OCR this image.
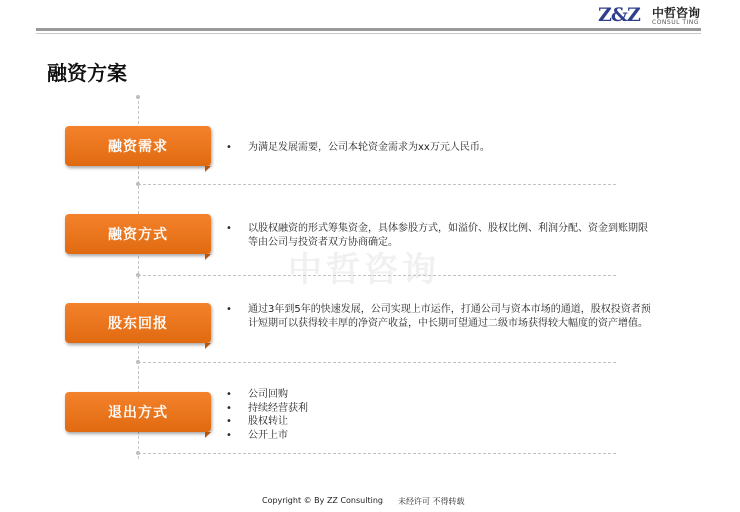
Z&Z 中哲咨询
CONSUL TING
融资方案
融资需求	• 为满足发展需要，公司本轮资金需求为xx万元人民币。
融资方式	• 以股权融资的形式筹集资金，具体参股方式，如溢价、股权比例、利润分配、资金到账期限等由公司与投资者双方协商确定。
股东回报
• 通过3年到5年的快速发展，公司实现上市运作，打通公司与资本市场的通道，股权投资者预计短期可以获得较丰厚的净资产收益，中长期可望通过二级市场获得较大幅度的资产增值。
退出方式
• 公司回购
• 持续经营获利
• 股权转让
• 公开上市
中哲咨询
Copyright © By ZZ Consulting 未经许可 不得转载
